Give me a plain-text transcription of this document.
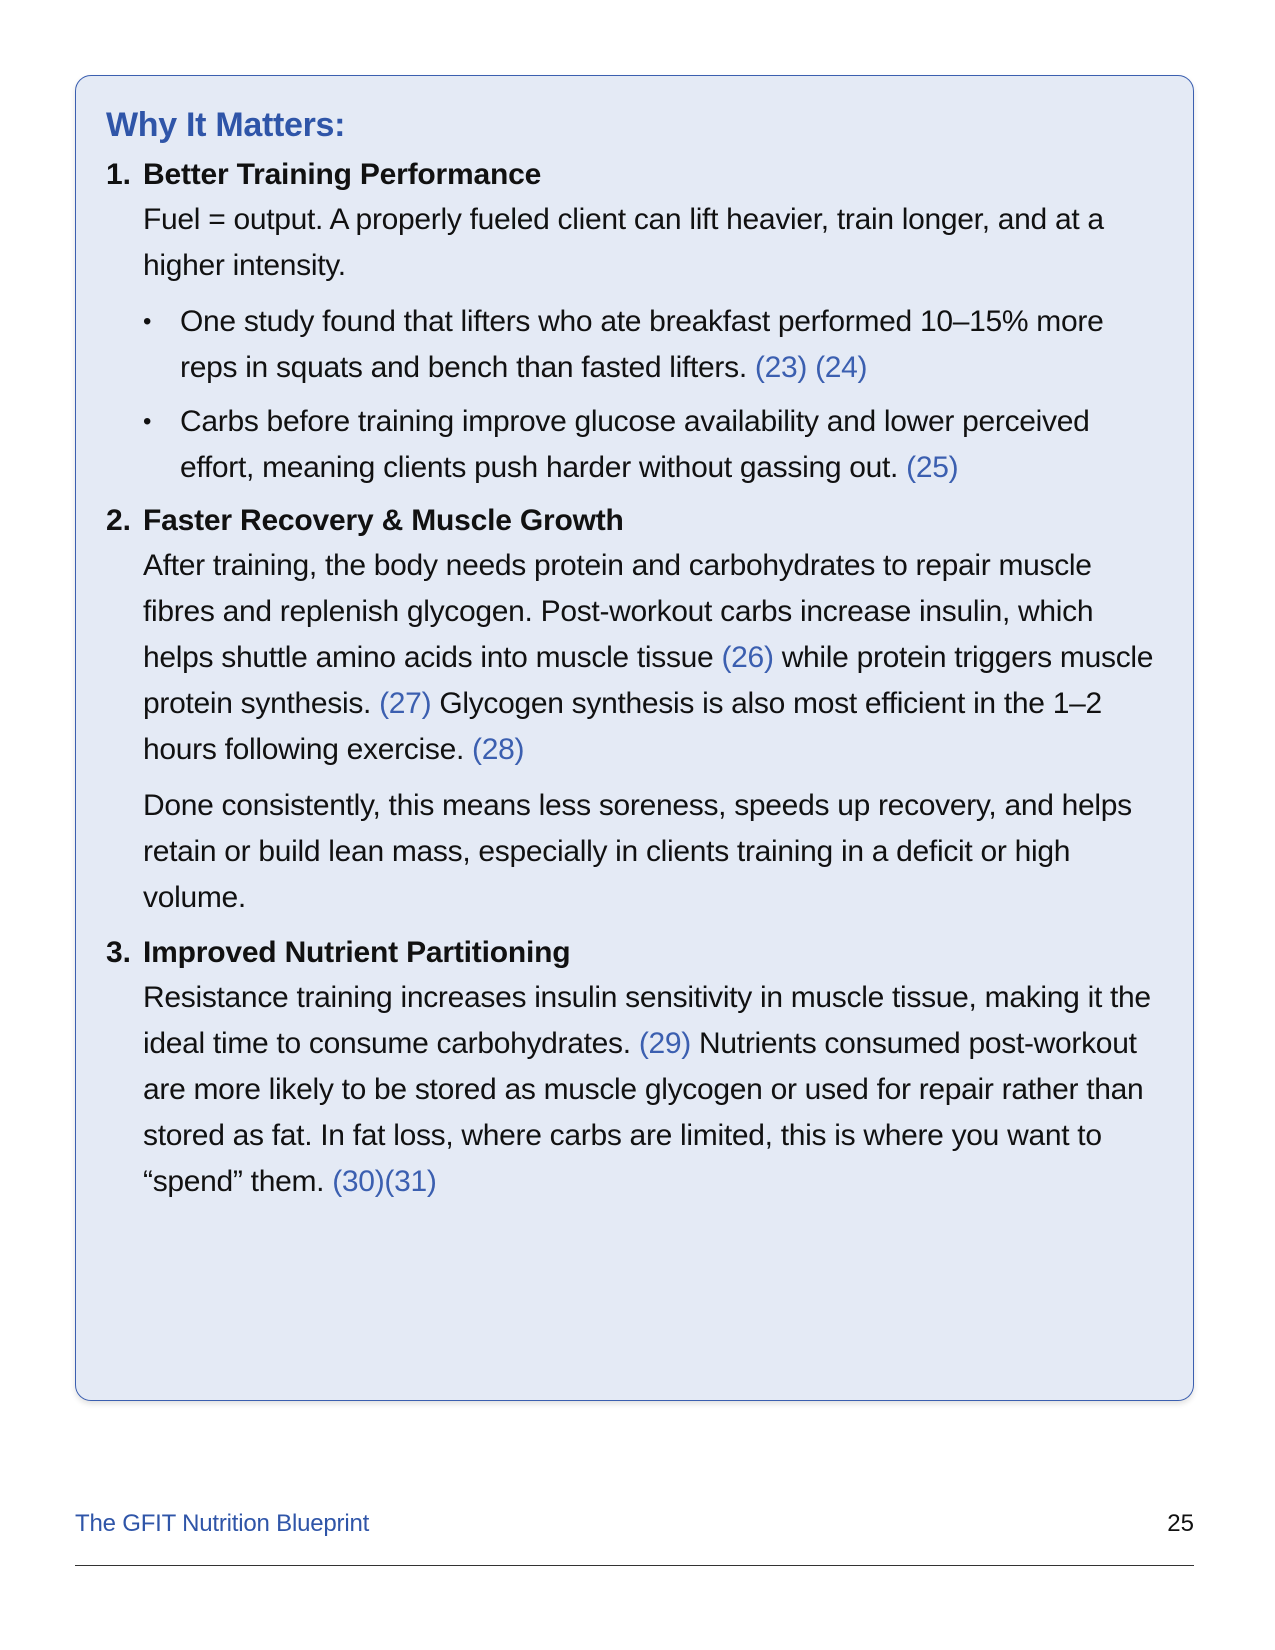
Why It Matters:
1. Better Training Performance

Fuel = output. A properly fueled client can lift heavier, train longer, and at a higher intensity.

• One study found that lifters who ate breakfast performed 10–15% more reps in squats and bench than fasted lifters. (23) (24)
• Carbs before training improve glucose availability and lower perceived effort, meaning clients push harder without gassing out. (25)
2. Faster Recovery & Muscle Growth

After training, the body needs protein and carbohydrates to repair muscle fibres and replenish glycogen. Post-workout carbs increase insulin, which helps shuttle amino acids into muscle tissue (26) while protein triggers muscle protein synthesis. (27) Glycogen synthesis is also most efficient in the 1–2 hours following exercise. (28)

Done consistently, this means less soreness, speeds up recovery, and helps retain or build lean mass, especially in clients training in a deficit or high volume.

3. Improved Nutrient Partitioning

Resistance training increases insulin sensitivity in muscle tissue, making it the ideal time to consume carbohydrates. (29) Nutrients consumed post-workout are more likely to be stored as muscle glycogen or used for repair rather than stored as fat. In fat loss, where carbs are limited, this is where you want to “spend” them. (30)(31)

The GFIT Nutrition Blueprint	25
